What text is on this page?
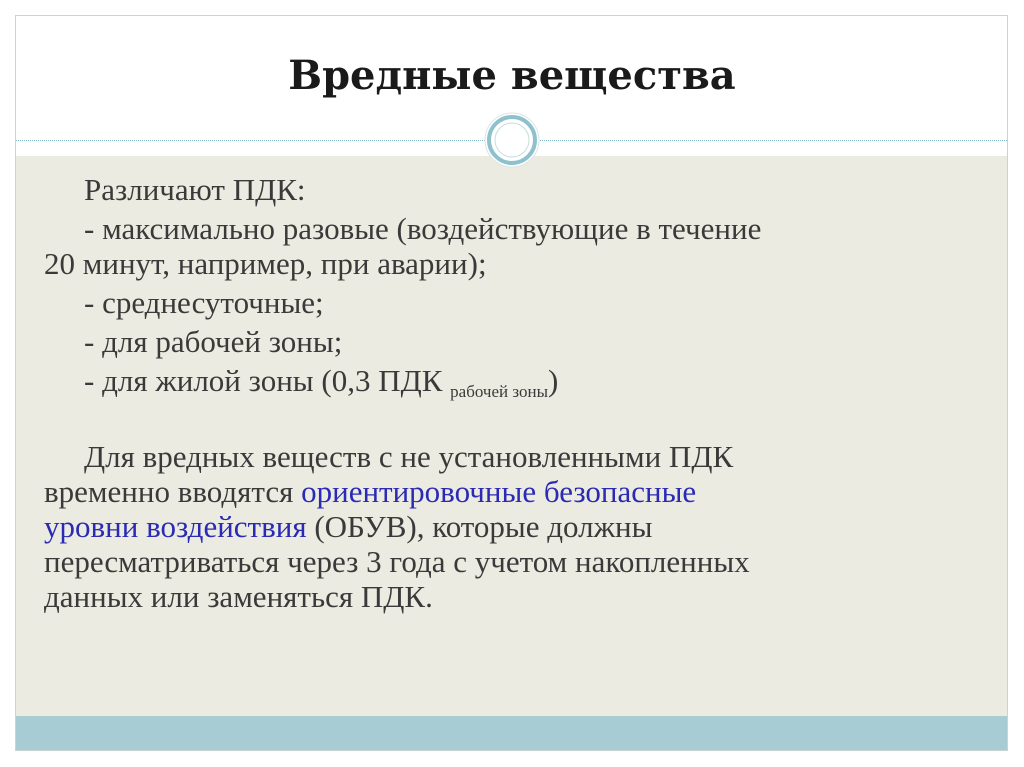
Вредные вещества
Различают ПДК:
- максимально разовые (воздействующие в течение
20 минут, например, при аварии);
- среднесуточные;
- для рабочей зоны;
- для жилой зоны (0,3 ПДК $_{рабочей зоны}$)
Для вредных веществ с не установленными ПДК
временно вводятся ориентировочные безопасные
уровни воздействия (ОБУВ), которые должны
пересматриваться через 3 года с учетом накопленных
данных или заменяться ПДК.
